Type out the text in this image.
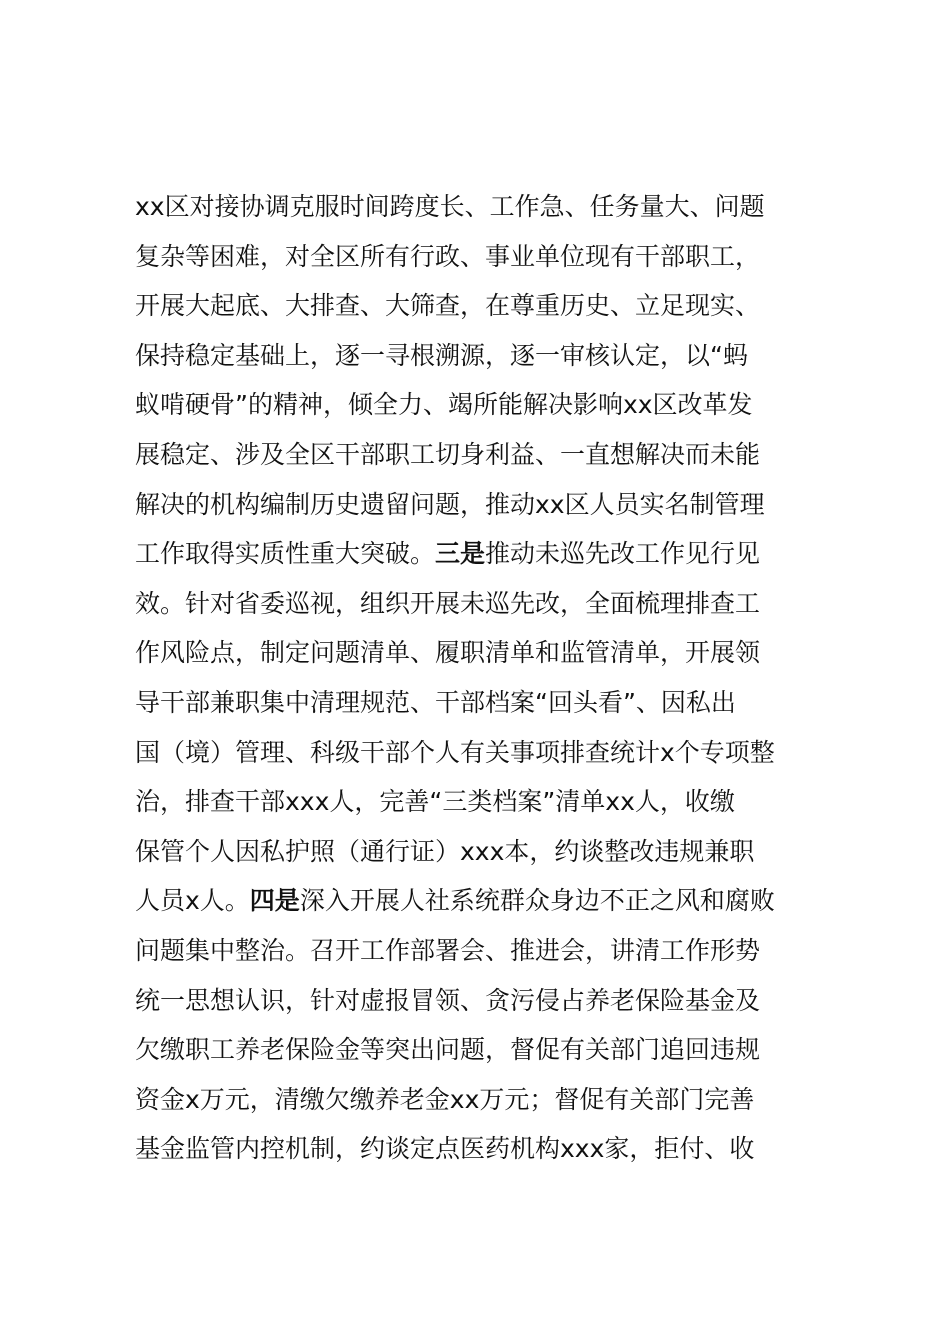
xx区对接协调克服时间跨度长、工作急、任务量大、问题
复杂等困难，对全区所有行政、事业单位现有干部职工，
开展大起底、大排查、大筛查，在尊重历史、立足现实、
保持稳定基础上，逐一寻根溯源，逐一审核认定，以“蚂
蚁啃硬骨”的精神，倾全力、竭所能解决影响xx区改革发
展稳定、涉及全区干部职工切身利益、一直想解决而未能
解决的机构编制历史遗留问题，推动xx区人员实名制管理
工作取得实质性重大突破。三是推动未巡先改工作见行见
效。针对省委巡视，组织开展未巡先改，全面梳理排查工
作风险点，制定问题清单、履职清单和监管清单，开展领
导干部兼职集中清理规范、干部档案“回头看”、因私出
国（境）管理、科级干部个人有关事项排查统计x个专项整
治，排查干部xxx人，完善“三类档案”清单xx人，收缴
保管个人因私护照（通行证）xxx本，约谈整改违规兼职
人员x人。四是深入开展人社系统群众身边不正之风和腐败
问题集中整治。召开工作部署会、推进会，讲清工作形势
统一思想认识，针对虚报冒领、贪污侵占养老保险基金及
欠缴职工养老保险金等突出问题，督促有关部门追回违规
资金x万元，清缴欠缴养老金xx万元；督促有关部门完善
基金监管内控机制，约谈定点医药机构xxx家，拒付、收
